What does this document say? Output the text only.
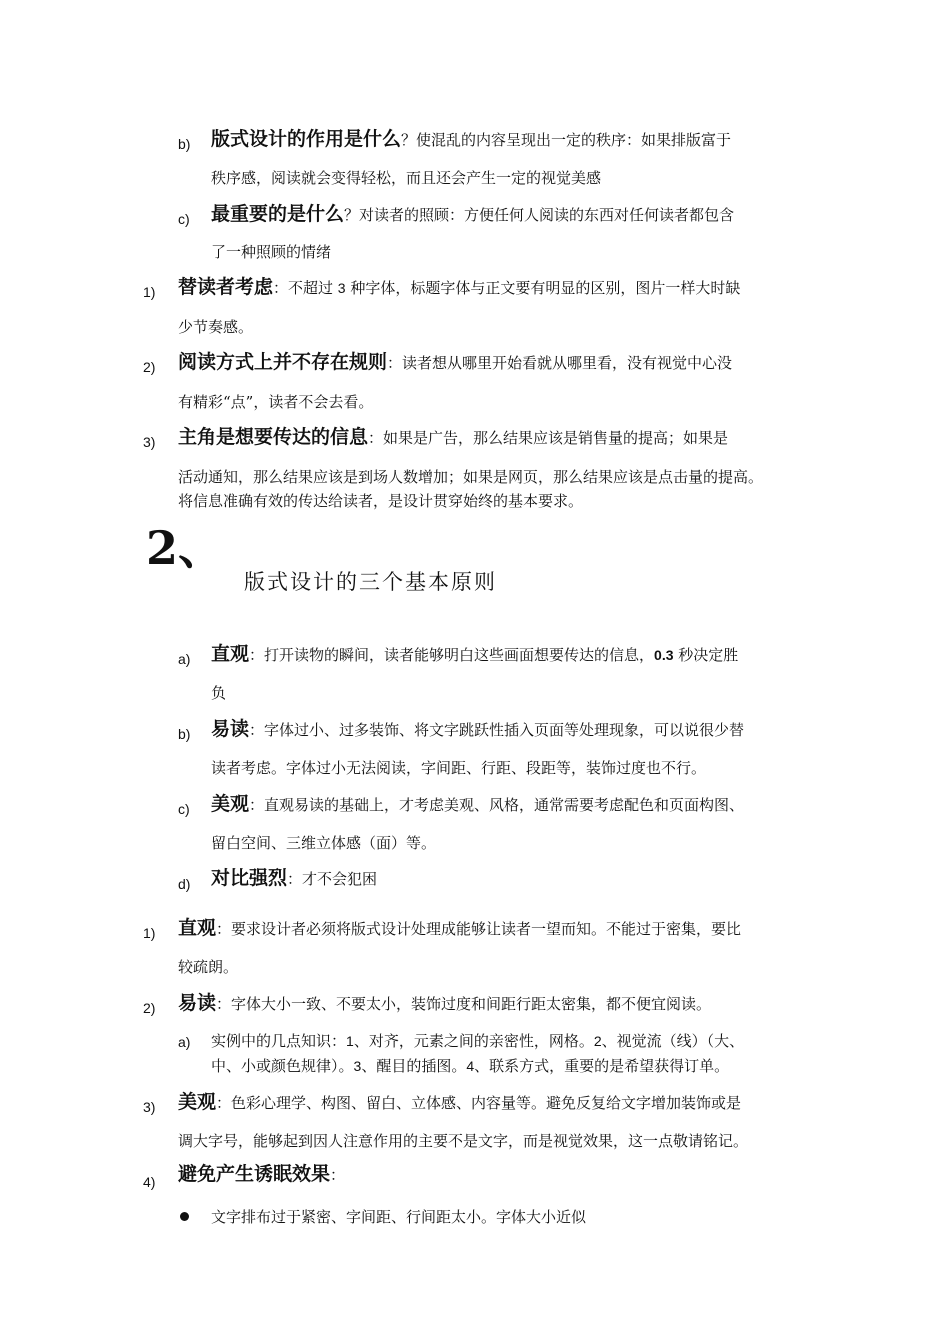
b) 版式设计的作用是什么？使混乱的内容呈现出一定的秩序：如果排版富于
秩序感，阅读就会变得轻松，而且还会产生一定的视觉美感
c) 最重要的是什么？对读者的照顾：方便任何人阅读的东西对任何读者都包含
了一种照顾的情绪
1) 替读者考虑：不超过 3 种字体，标题字体与正文要有明显的区别，图片一样大时缺
少节奏感。
2) 阅读方式上并不存在规则：读者想从哪里开始看就从哪里看，没有视觉中心没
有精彩“点”，读者不会去看。
3) 主角是想要传达的信息：如果是广告，那么结果应该是销售量的提高；如果是
活动通知，那么结果应该是到场人数增加；如果是网页，那么结果应该是点击量的提高。
将信息准确有效的传达给读者，是设计贯穿始终的基本要求。
2、
版式设计的三个基本原则
a) 直观：打开读物的瞬间，读者能够明白这些画面想要传达的信息，0.3 秒决定胜
负
b) 易读：字体过小、过多装饰、将文字跳跃性插入页面等处理现象，可以说很少替
读者考虑。字体过小无法阅读，字间距、行距、段距等，装饰过度也不行。
c) 美观：直观易读的基础上，才考虑美观、风格，通常需要考虑配色和页面构图、
留白空间、三维立体感（面）等。
d) 对比强烈：才不会犯困
1) 直观：要求设计者必须将版式设计处理成能够让读者一望而知。不能过于密集，要比
较疏朗。
2) 易读：字体大小一致、不要太小，装饰过度和间距行距太密集，都不便宜阅读。
a) 实例中的几点知识：1、对齐，元素之间的亲密性，网格。2、视觉流（线）（大、
中、小或颜色规律）。3、醒目的插图。4、联系方式，重要的是希望获得订单。
3) 美观：色彩心理学、构图、留白、立体感、内容量等。避免反复给文字增加装饰或是
调大字号，能够起到因人注意作用的主要不是文字，而是视觉效果，这一点敬请铭记。
4) 避免产生诱眠效果：
文字排布过于紧密、字间距、行间距太小。字体大小近似
